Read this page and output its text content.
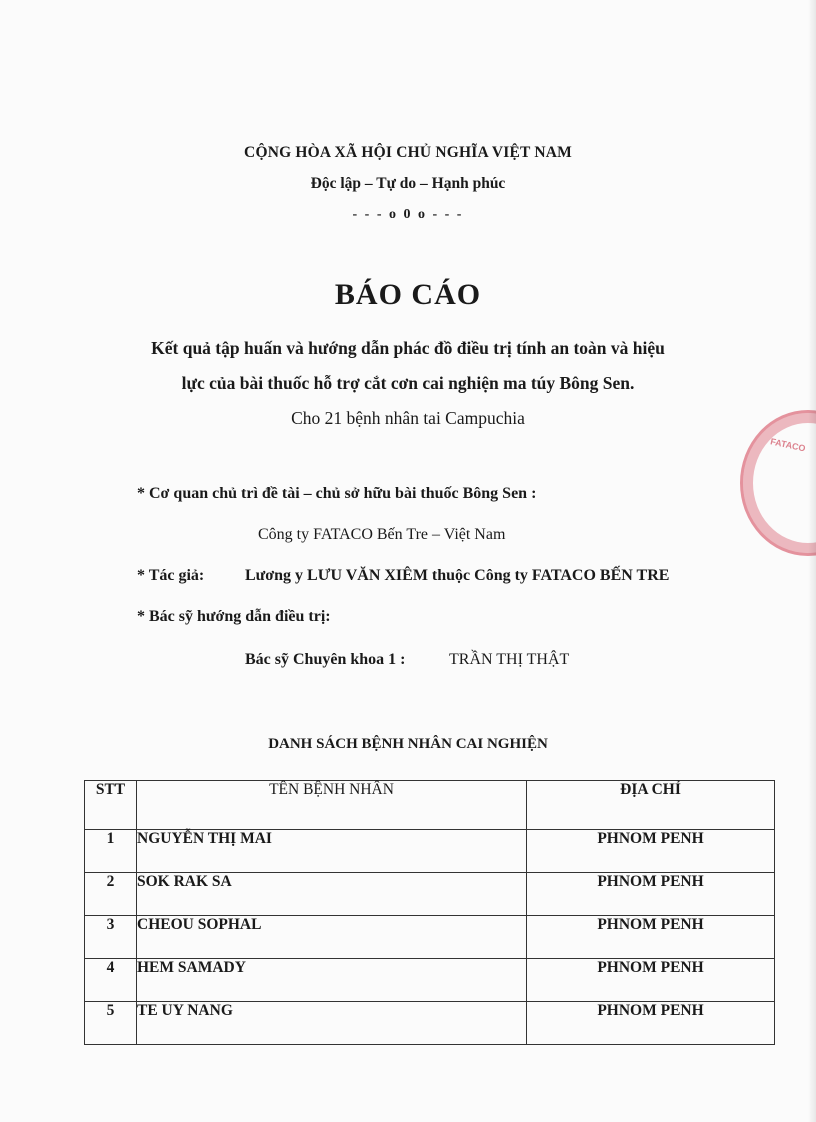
CỘNG HÒA XÃ HỘI CHỦ NGHĨA VIỆT NAM
Độc lập – Tự do – Hạnh phúc
- - - o 0 o - - -
BÁO CÁO
Kết quả tập huấn và hướng dẫn phác đồ điều trị tính an toàn và hiệu
lực của bài thuốc hỗ trợ cắt cơn cai nghiện ma túy Bông Sen.
Cho 21 bệnh nhân tai Campuchia
* Cơ quan chủ trì đề tài – chủ sở hữu bài thuốc Bông Sen :
Công ty FATACO Bến Tre – Việt Nam
* Tác giả:	Lương y LƯU VĂN XIÊM thuộc Công ty FATACO BẾN TRE
* Bác sỹ hướng dẫn điều trị:
Bác sỹ Chuyên khoa 1 :	TRẦN THỊ THẬT
DANH SÁCH BỆNH NHÂN CAI NGHIỆN
STT	TÊN BỆNH NHÂN	ĐỊA CHỈ
1	NGUYỄN THỊ MAI	PHNOM PENH
2	SOK RAK SA	PHNOM PENH
3	CHEOU SOPHAL	PHNOM PENH
4	HEM SAMADY	PHNOM PENH
5	TE UY NANG	PHNOM PENH
FATACO
